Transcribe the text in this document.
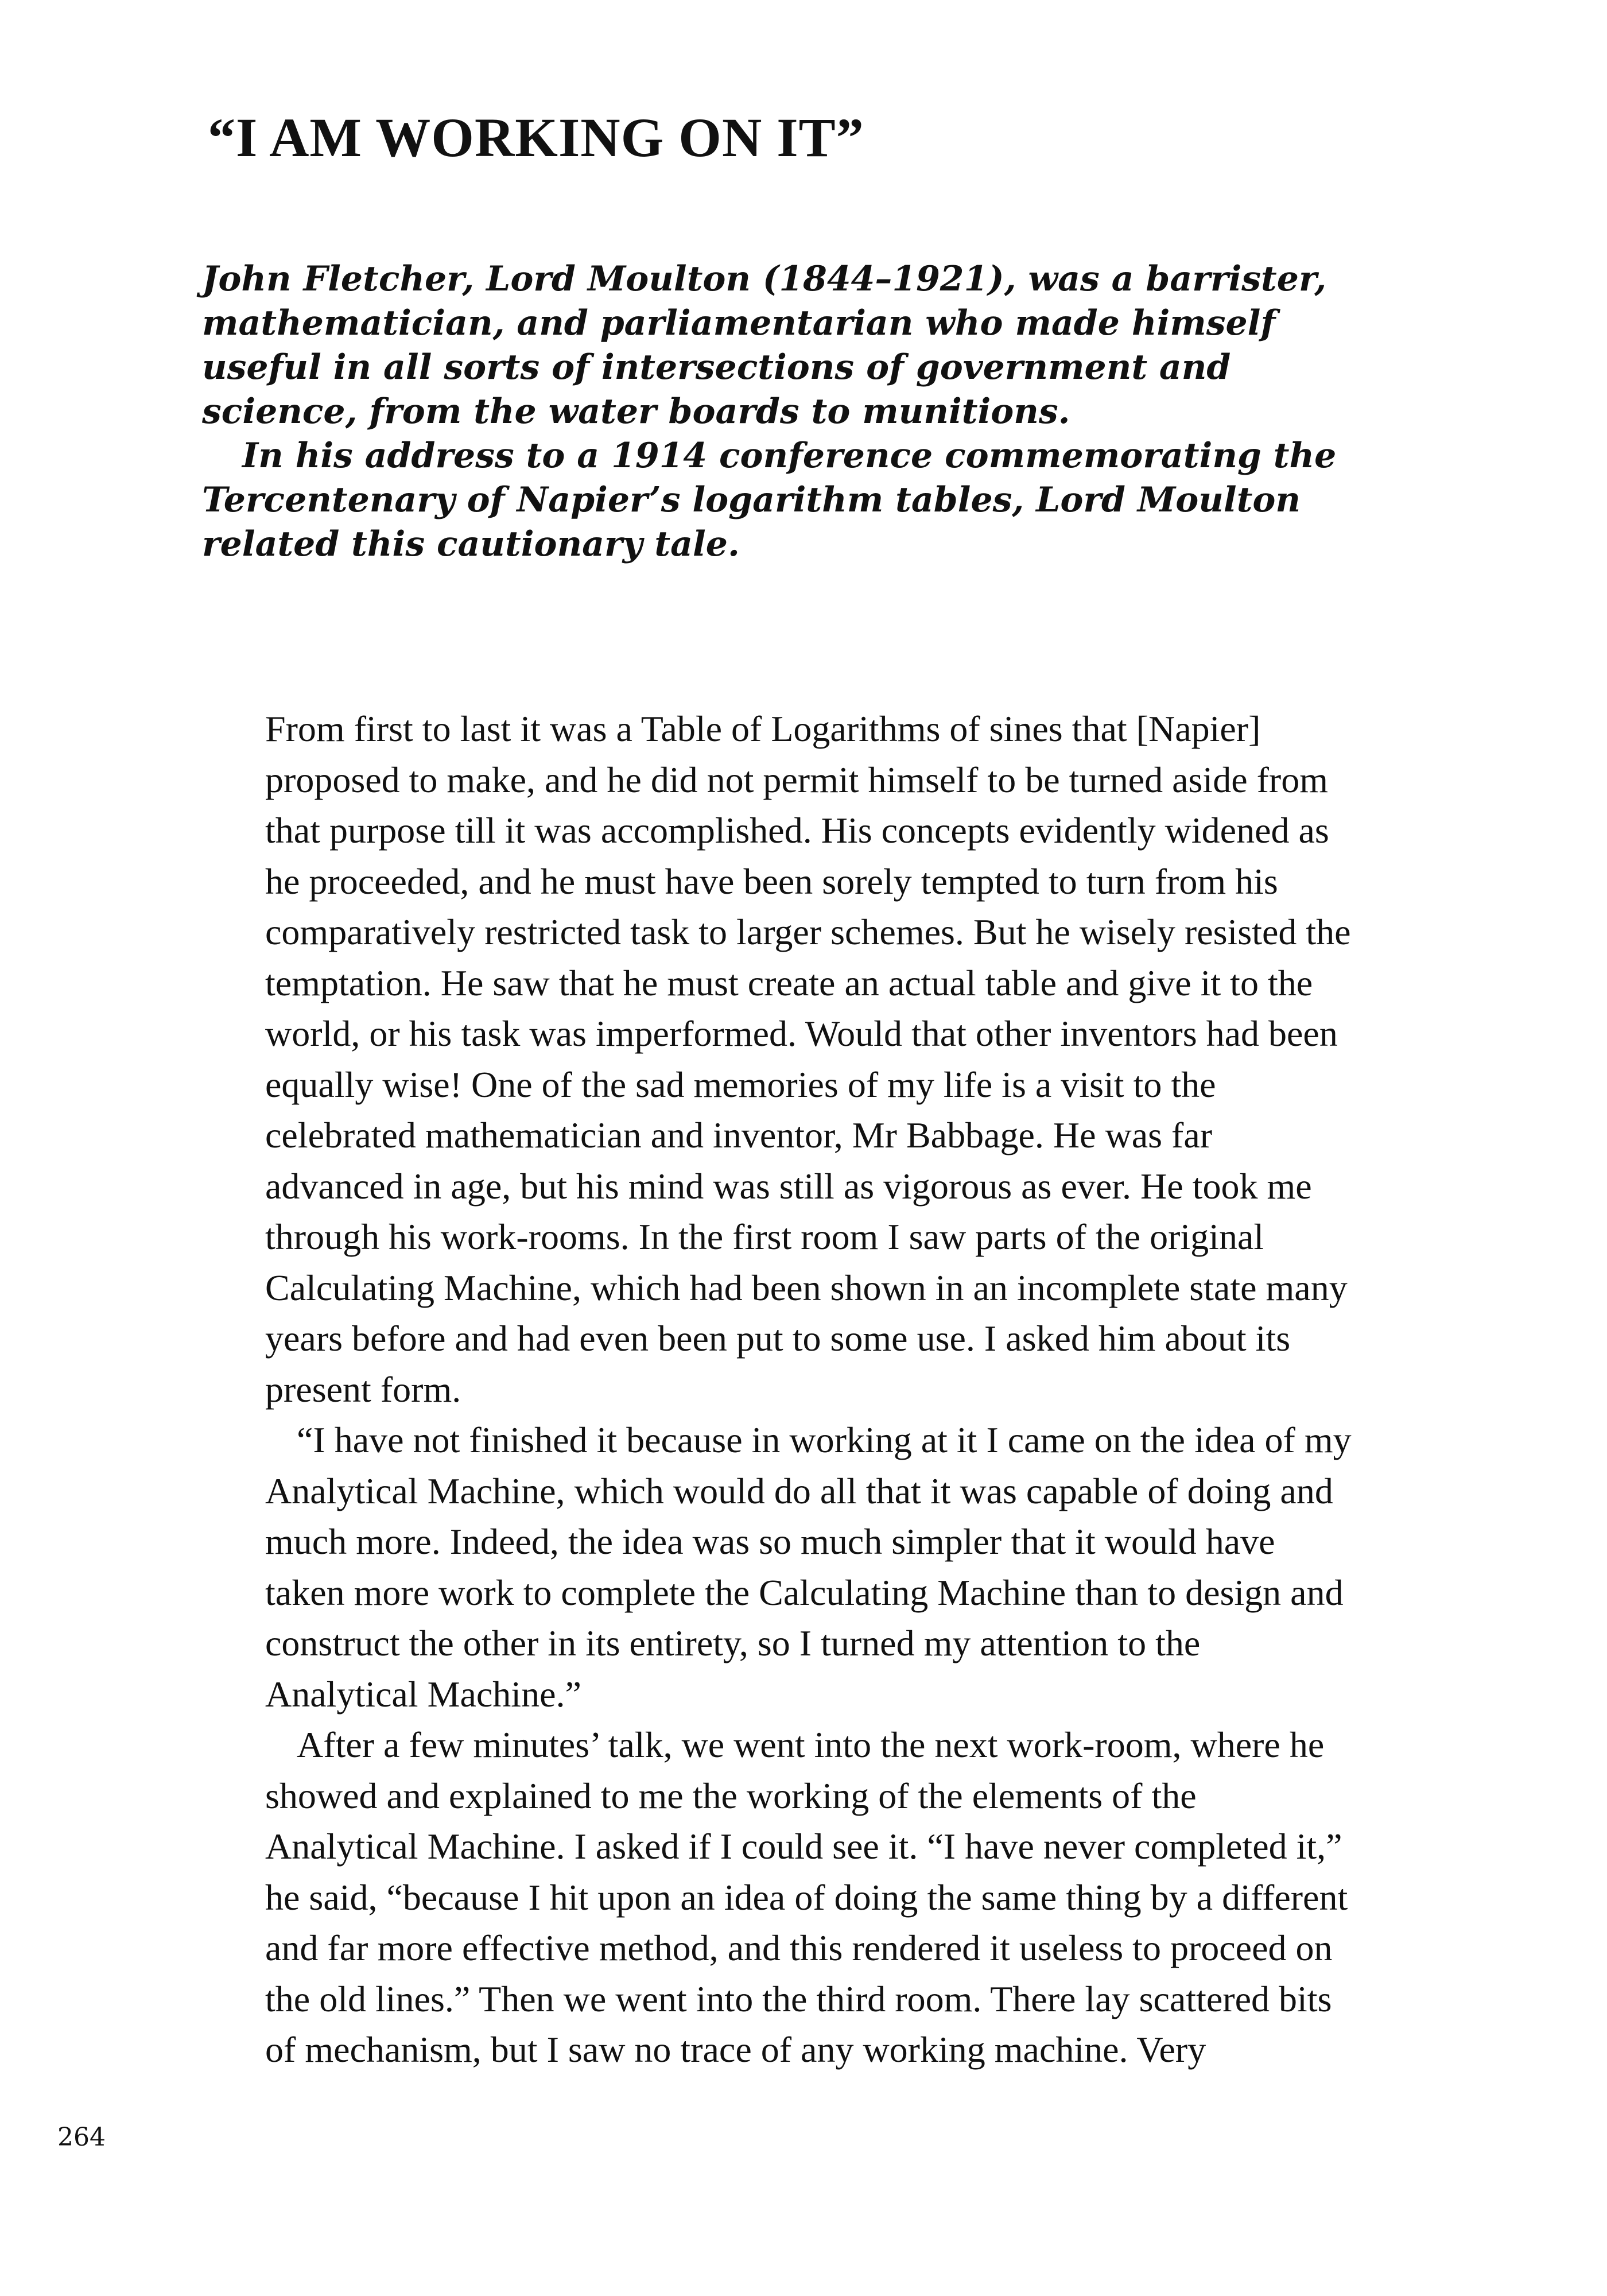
“I AM WORKING ON IT”

John Fletcher, Lord Moulton (1844–1921), was a barrister, mathematician, and parliamentarian who made himself useful in all sorts of intersections of government and science, from the water boards to munitions.

In his address to a 1914 conference commemorating the Tercentenary of Napier’s logarithm tables, Lord Moulton related this cautionary tale.

From first to last it was a Table of Logarithms of sines that [Napier] proposed to make, and he did not permit himself to be turned aside from that purpose till it was accomplished. His concepts evidently widened as he proceeded, and he must have been sorely tempted to turn from his comparatively restricted task to larger schemes. But he wisely resisted the temptation. He saw that he must create an actual table and give it to the world, or his task was imperformed. Would that other inventors had been equally wise! One of the sad memories of my life is a visit to the celebrated mathematician and inventor, Mr Babbage. He was far advanced in age, but his mind was still as vigorous as ever. He took me through his work-rooms. In the first room I saw parts of the original Calculating Machine, which had been shown in an incomplete state many years before and had even been put to some use. I asked him about its present form.

“I have not finished it because in working at it I came on the idea of my Analytical Machine, which would do all that it was capable of doing and much more. Indeed, the idea was so much simpler that it would have taken more work to complete the Calculating Machine than to design and construct the other in its entirety, so I turned my attention to the Analytical Machine.”

After a few minutes’ talk, we went into the next work-room, where he showed and explained to me the working of the elements of the Analytical Machine. I asked if I could see it. “I have never completed it,” he said, “because I hit upon an idea of doing the same thing by a different and far more effective method, and this rendered it useless to proceed on the old lines.” Then we went into the third room. There lay scattered bits of mechanism, but I saw no trace of any working machine. Very

264
